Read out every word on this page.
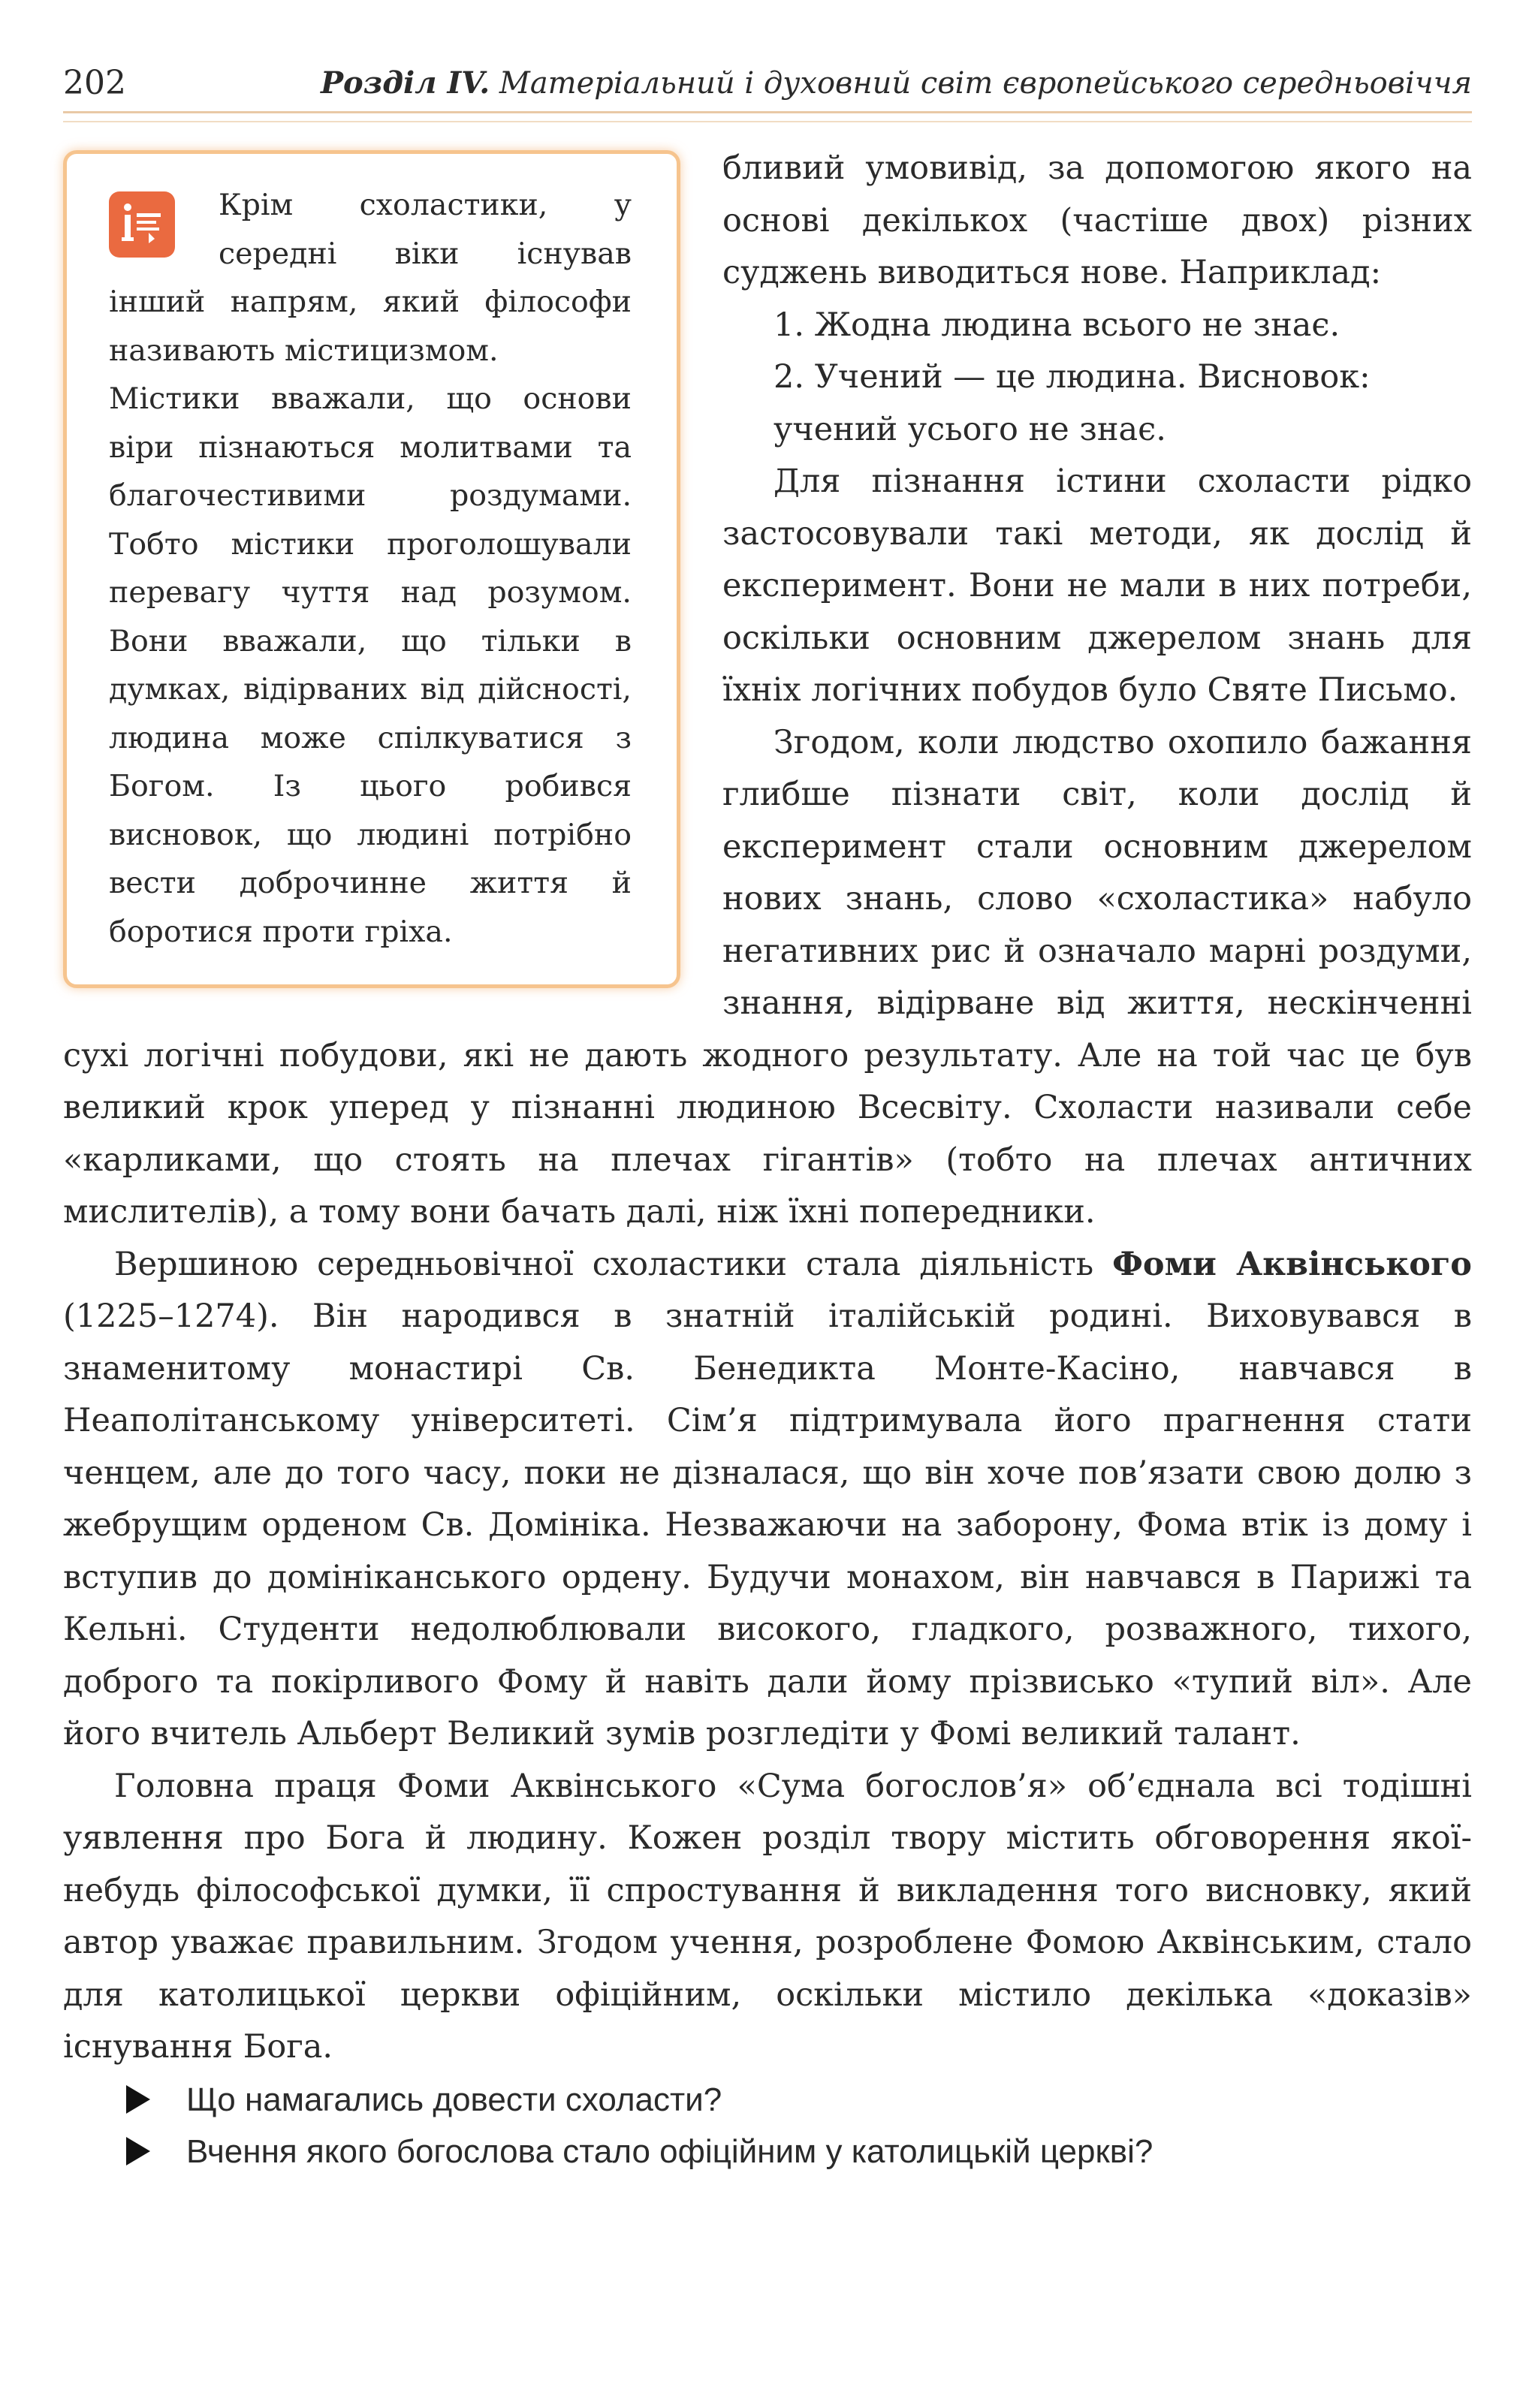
202	Розділ IV. Матеріальний і духовний світ європейського середньовіччя

Крім схоластики, у середні віки існував інший напрям, який філософи називають містицизмом.

Містики вважали, що основи віри пізнаються молитвами та благочестивими роздумами. Тобто містики проголошували перевагу чуття над розумом. Вони вважали, що тільки в думках, відірваних від дійсності, людина може спілкуватися з Богом. Із цього робився висновок, що людині потрібно вести доброчинне життя й боротися проти гріха.

бливий умовивід, за допомогою якого на основі декількох (частіше двох) різних суджень виводиться нове. Наприклад:

1. Жодна людина всього не знає.

2. Учений — це людина. Висновок:

учений усього не знає.

Для пізнання істини схоласти рідко застосовували такі методи, як дослід й експеримент. Вони не мали в них потреби, оскільки основним джерелом знань для їхніх логічних побудов було Святе Письмо.

Згодом, коли людство охопило бажання глибше пізнати світ, коли дослід й експеримент стали основним джерелом нових знань, слово «схоластика» набуло негативних рис й означало марні роздуми, знання, відірване від життя, нескінченні сухі логічні побудови, які не дають жодного результату. Але на той час це був великий крок уперед у пізнанні людиною Всесвіту. Схоласти називали себе «карликами, що стоять на плечах гігантів» (тобто на плечах античних мислителів), а тому вони бачать далі, ніж їхні попередники.

Вершиною середньовічної схоластики стала діяльність Фоми Аквінського (1225–1274). Він народився в знатній італійській родині. Виховувався в знаменитому монастирі Св. Бенедикта Монте-Касіно, навчався в Неаполітанському університеті. Сім’я підтримувала його прагнення стати ченцем, але до того часу, поки не дізналася, що він хоче пов’язати свою долю з жебрущим орденом Св. Домініка. Незважаючи на заборону, Фома втік із дому і вступив до домініканського ордену. Будучи монахом, він навчався в Парижі та Кельні. Студенти недолюблювали високого, гладкого, розважного, тихого, доброго та покірливого Фому й навіть дали йому прізвисько «тупий віл». Але його вчитель Альберт Великий зумів розгледіти у Фомі великий талант.

Головна праця Фоми Аквінського «Сума богослов’я» об’єднала всі тодішні уявлення про Бога й людину. Кожен розділ твору містить обговорення якої-небудь філософської думки, її спростування й викладення того висновку, який автор уважає правильним. Згодом учення, розроблене Фомою Аквінським, стало для католицької церкви офіційним, оскільки містило декілька «доказів» існування Бога.

Що намагались довести схоласти?
Вчення якого богослова стало офіційним у католицькій церкві?
